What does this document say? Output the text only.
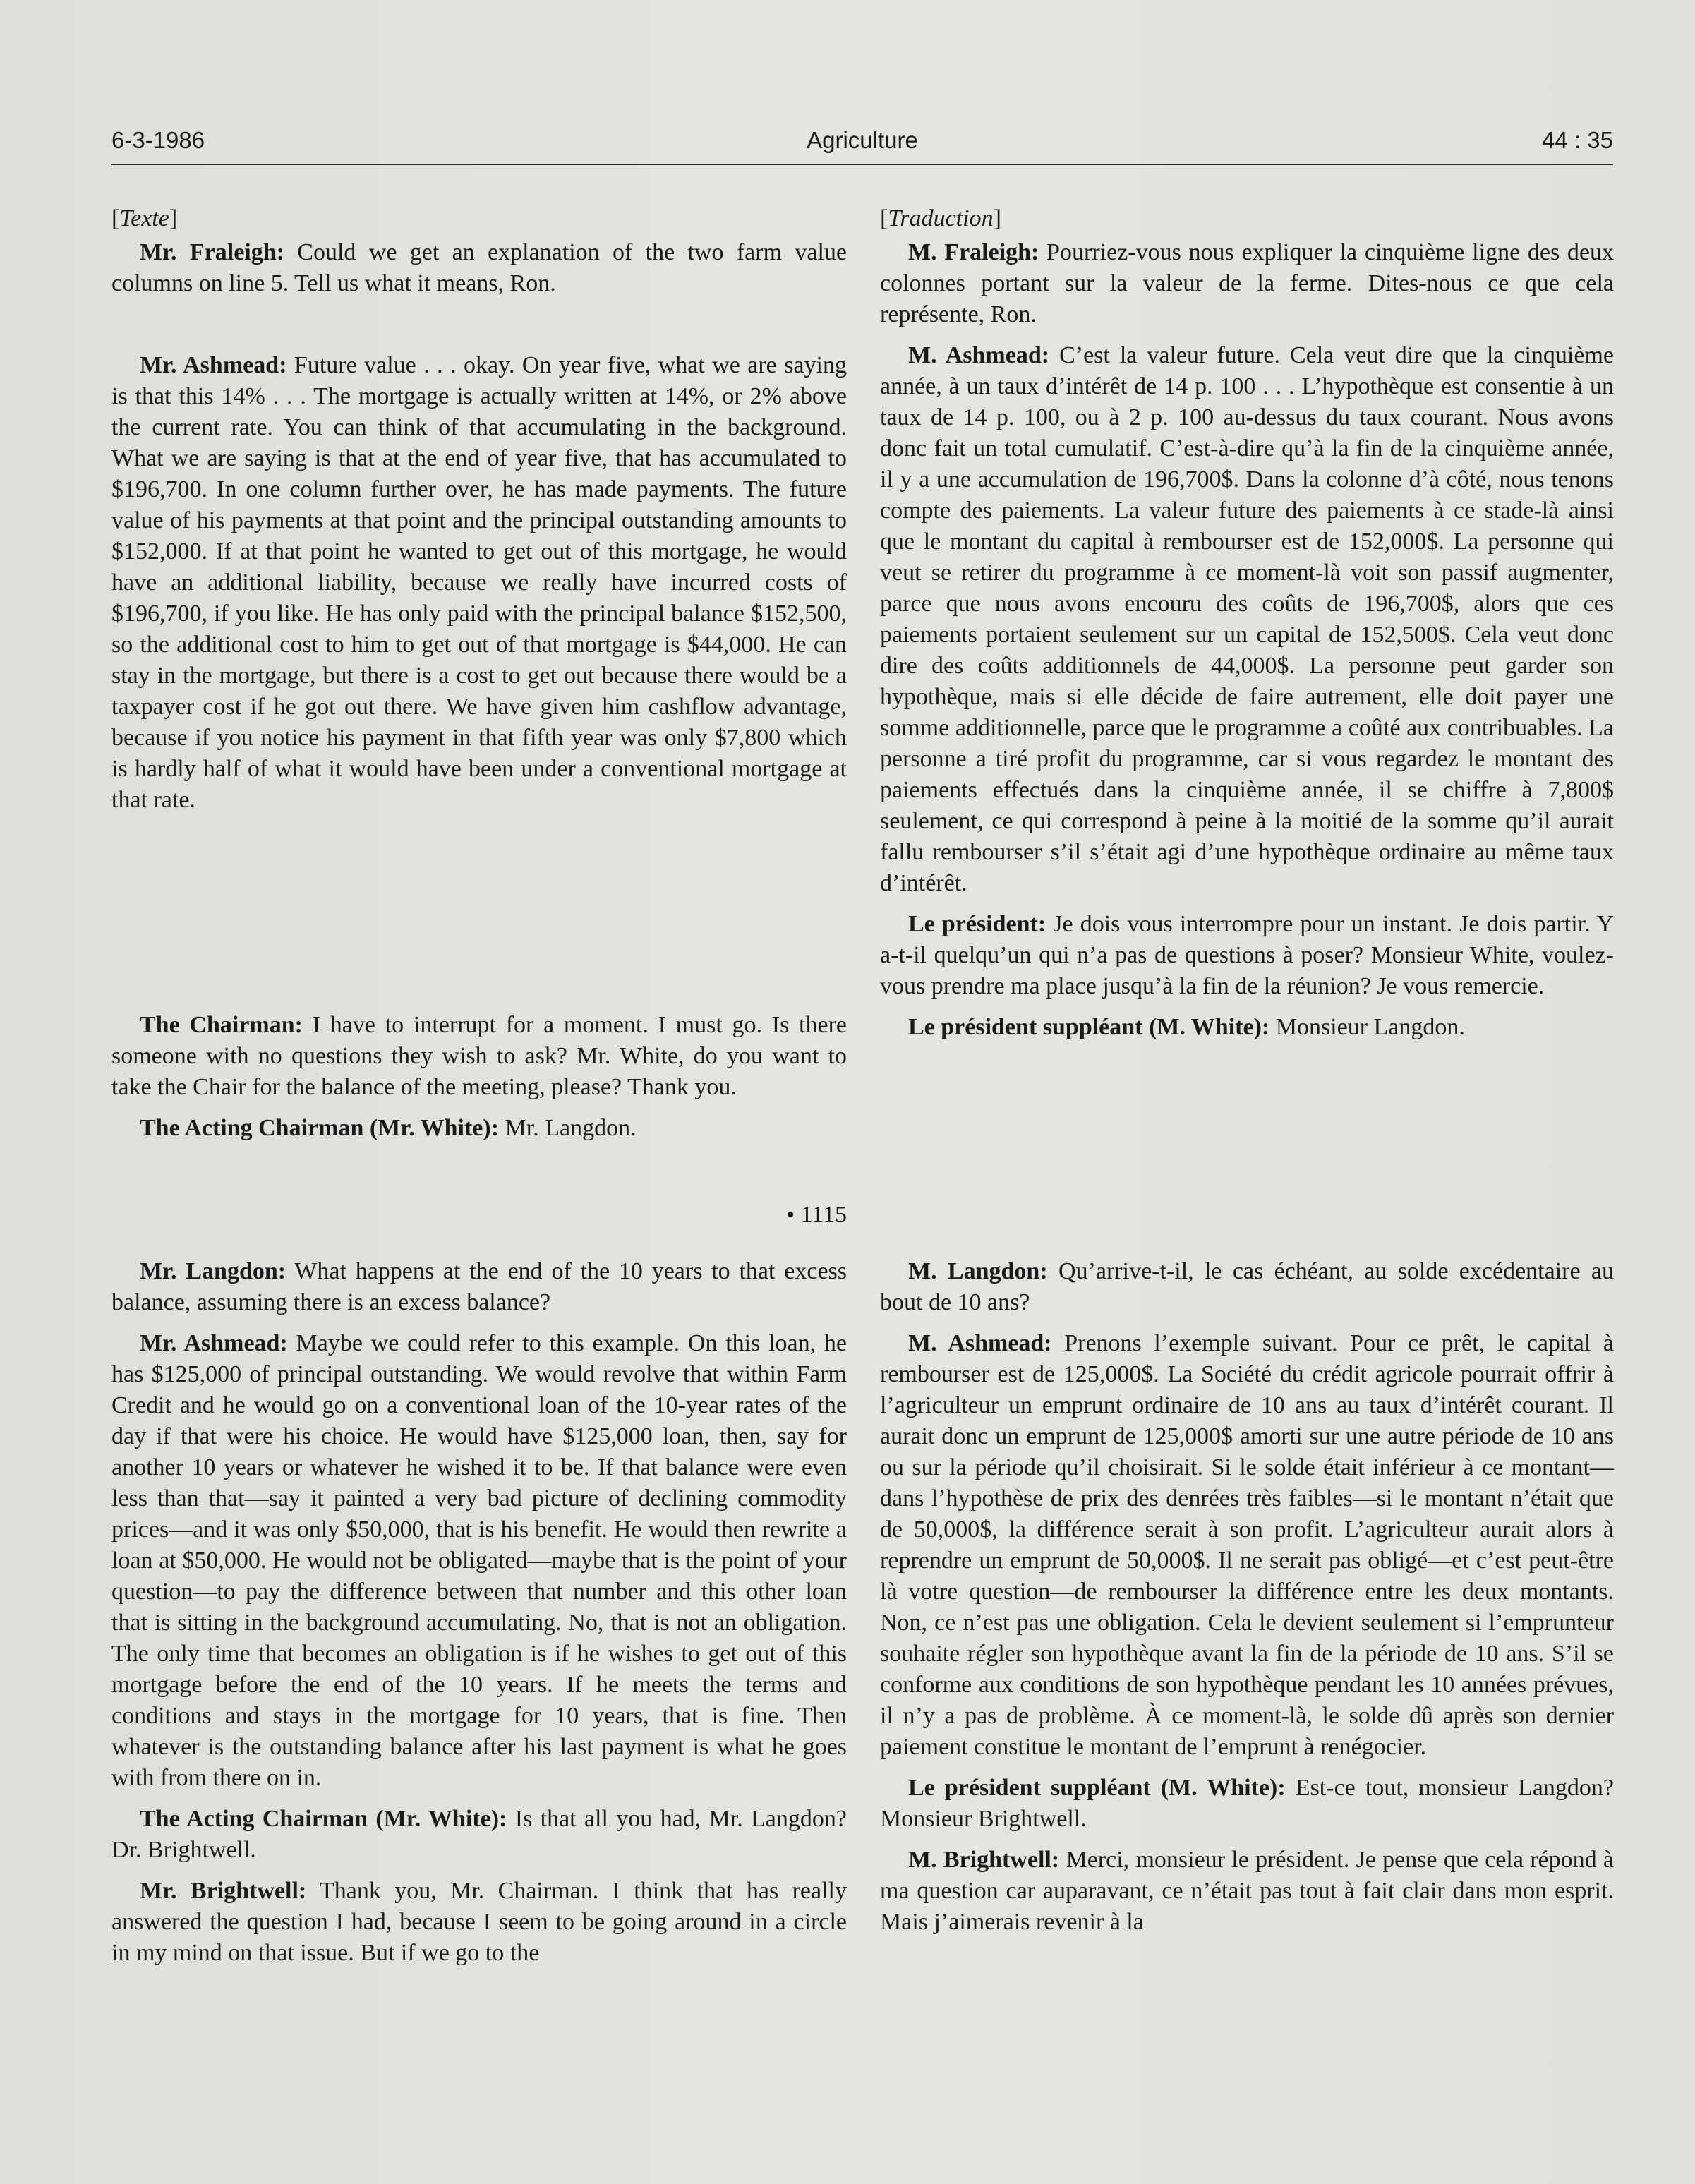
6-3-1986	Agriculture	44 : 35

[Texte]

Mr. Fraleigh: Could we get an explanation of the two farm value columns on line 5. Tell us what it means, Ron.

Mr. Ashmead: Future value . . . okay. On year five, what we are saying is that this 14% . . . The mortgage is actually written at 14%, or 2% above the current rate. You can think of that accumulating in the background. What we are saying is that at the end of year five, that has accumulated to $196,700. In one column further over, he has made payments. The future value of his payments at that point and the principal outstanding amounts to $152,000. If at that point he wanted to get out of this mortgage, he would have an additional liability, because we really have incurred costs of $196,700, if you like. He has only paid with the principal balance $152,500, so the additional cost to him to get out of that mortgage is $44,000. He can stay in the mortgage, but there is a cost to get out because there would be a taxpayer cost if he got out there. We have given him cashflow advantage, because if you notice his payment in that fifth year was only $7,800 which is hardly half of what it would have been under a conventional mortgage at that rate.

The Chairman: I have to interrupt for a moment. I must go. Is there someone with no questions they wish to ask? Mr. White, do you want to take the Chair for the balance of the meeting, please? Thank you.

The Acting Chairman (Mr. White): Mr. Langdon.

• 1115

Mr. Langdon: What happens at the end of the 10 years to that excess balance, assuming there is an excess balance?

Mr. Ashmead: Maybe we could refer to this example. On this loan, he has $125,000 of principal outstanding. We would revolve that within Farm Credit and he would go on a conventional loan of the 10-year rates of the day if that were his choice. He would have $125,000 loan, then, say for another 10 years or whatever he wished it to be. If that balance were even less than that—say it painted a very bad picture of declining commodity prices—and it was only $50,000, that is his benefit. He would then rewrite a loan at $50,000. He would not be obligated—maybe that is the point of your question—to pay the difference between that number and this other loan that is sitting in the background accumulating. No, that is not an obligation. The only time that becomes an obligation is if he wishes to get out of this mortgage before the end of the 10 years. If he meets the terms and conditions and stays in the mortgage for 10 years, that is fine. Then whatever is the outstanding balance after his last payment is what he goes with from there on in.

The Acting Chairman (Mr. White): Is that all you had, Mr. Langdon? Dr. Brightwell.

Mr. Brightwell: Thank you, Mr. Chairman. I think that has really answered the question I had, because I seem to be going around in a circle in my mind on that issue. But if we go to the

[Traduction]

M. Fraleigh: Pourriez-vous nous expliquer la cinquième ligne des deux colonnes portant sur la valeur de la ferme. Dites-nous ce que cela représente, Ron.

M. Ashmead: C’est la valeur future. Cela veut dire que la cinquième année, à un taux d’intérêt de 14 p. 100 . . . L’hypothèque est consentie à un taux de 14 p. 100, ou à 2 p. 100 au-dessus du taux courant. Nous avons donc fait un total cumulatif. C’est-à-dire qu’à la fin de la cinquième année, il y a une accumulation de 196,700$. Dans la colonne d’à côté, nous tenons compte des paiements. La valeur future des paiements à ce stade-là ainsi que le montant du capital à rembourser est de 152,000$. La personne qui veut se retirer du programme à ce moment-là voit son passif augmenter, parce que nous avons encouru des coûts de 196,700$, alors que ces paiements portaient seulement sur un capital de 152,500$. Cela veut donc dire des coûts additionnels de 44,000$. La personne peut garder son hypothèque, mais si elle décide de faire autrement, elle doit payer une somme additionnelle, parce que le programme a coûté aux contribuables. La personne a tiré profit du programme, car si vous regardez le montant des paiements effectués dans la cinquième année, il se chiffre à 7,800$ seulement, ce qui correspond à peine à la moitié de la somme qu’il aurait fallu rembourser s’il s’était agi d’une hypothèque ordinaire au même taux d’intérêt.

Le président: Je dois vous interrompre pour un instant. Je dois partir. Y a-t-il quelqu’un qui n’a pas de questions à poser? Monsieur White, voulez-vous prendre ma place jusqu’à la fin de la réunion? Je vous remercie.

Le président suppléant (M. White): Monsieur Langdon.

M. Langdon: Qu’arrive-t-il, le cas échéant, au solde excédentaire au bout de 10 ans?

M. Ashmead: Prenons l’exemple suivant. Pour ce prêt, le capital à rembourser est de 125,000$. La Société du crédit agricole pourrait offrir à l’agriculteur un emprunt ordinaire de 10 ans au taux d’intérêt courant. Il aurait donc un emprunt de 125,000$ amorti sur une autre période de 10 ans ou sur la période qu’il choisirait. Si le solde était inférieur à ce montant—dans l’hypothèse de prix des denrées très faibles—si le montant n’était que de 50,000$, la différence serait à son profit. L’agriculteur aurait alors à reprendre un emprunt de 50,000$. Il ne serait pas obligé—et c’est peut-être là votre question—de rembourser la différence entre les deux montants. Non, ce n’est pas une obligation. Cela le devient seulement si l’emprunteur souhaite régler son hypothèque avant la fin de la période de 10 ans. S’il se conforme aux conditions de son hypothèque pendant les 10 années prévues, il n’y a pas de problème. À ce moment-là, le solde dû après son dernier paiement constitue le montant de l’emprunt à renégocier.

Le président suppléant (M. White): Est-ce tout, monsieur Langdon? Monsieur Brightwell.

M. Brightwell: Merci, monsieur le président. Je pense que cela répond à ma question car auparavant, ce n’était pas tout à fait clair dans mon esprit. Mais j’aimerais revenir à la
